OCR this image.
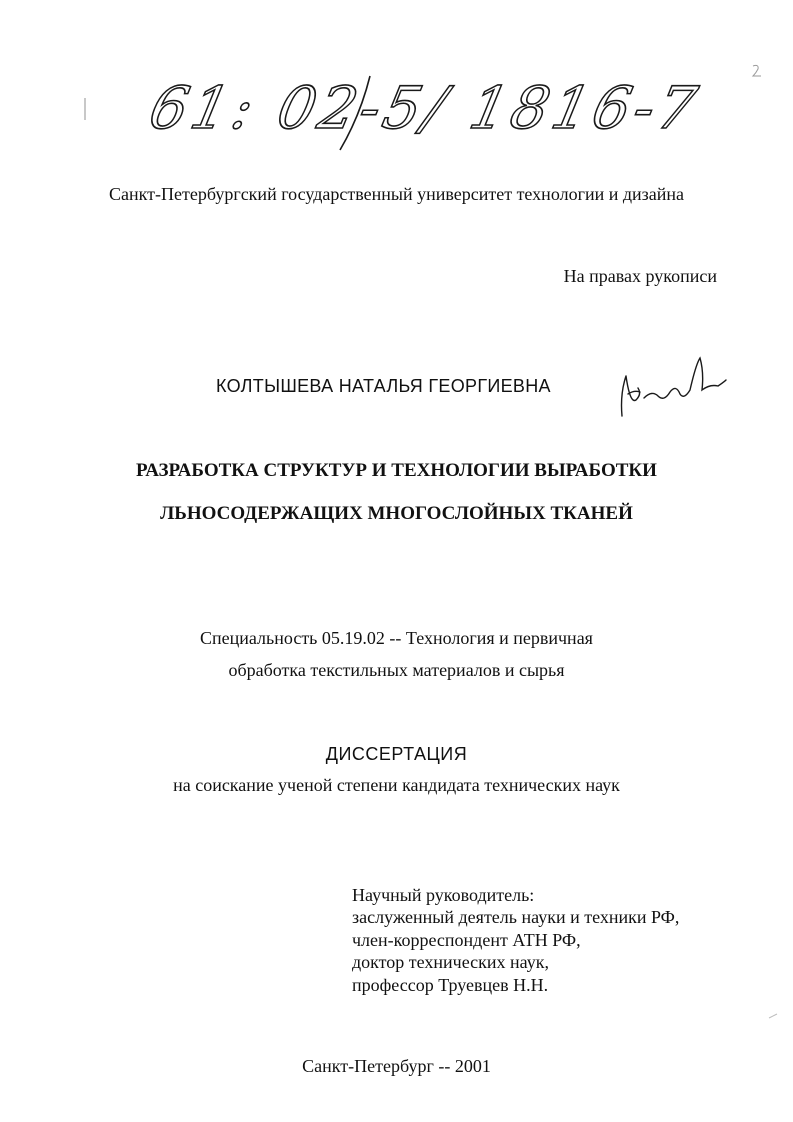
61: 02-5/ 1816-7
Санкт-Петербургский государственный университет технологии и дизайна
На правах рукописи
КОЛТЫШЕВА НАТАЛЬЯ ГЕОРГИЕВНА
РАЗРАБОТКА СТРУКТУР И ТЕХНОЛОГИИ ВЫРАБОТКИ
ЛЬНОСОДЕРЖАЩИХ МНОГОСЛОЙНЫХ ТКАНЕЙ
Специальность 05.19.02 -- Технология и первичная
обработка текстильных материалов и сырья
ДИССЕРТАЦИЯ
на соискание ученой степени кандидата технических наук
Научный руководитель:
заслуженный деятель науки и техники РФ,
член-корреспондент АТН РФ,
доктор технических наук,
профессор Труевцев Н.Н.
Санкт-Петербург -- 2001
